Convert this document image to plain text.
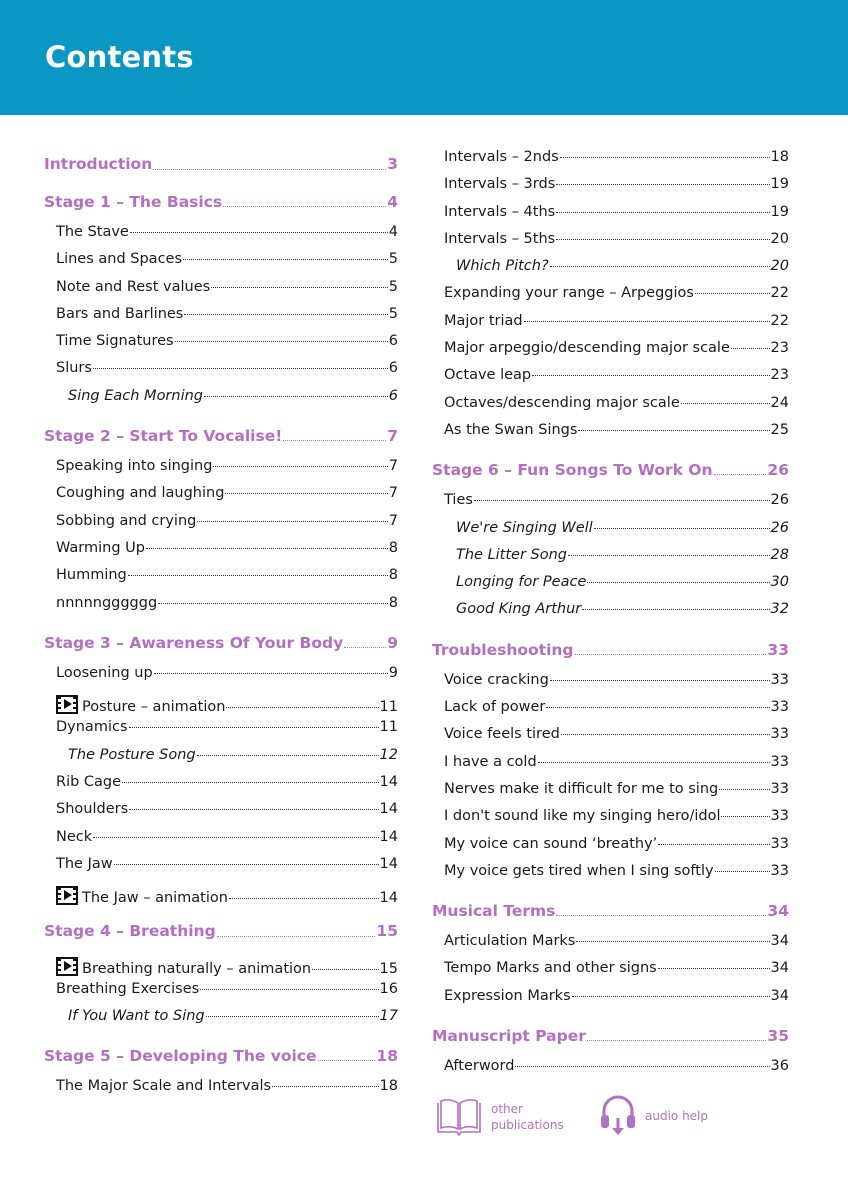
Contents
Introduction	3
Stage 1 – The Basics	4
The Stave	4
Lines and Spaces	5
Note and Rest values	5
Bars and Barlines	5
Time Signatures	6
Slurs	6
Sing Each Morning	6
Stage 2 – Start To Vocalise!	7
Speaking into singing	7
Coughing and laughing	7
Sobbing and crying	7
Warming Up	8
Humming	8
nnnnngggggg	8
Stage 3 – Awareness Of Your Body	9
Loosening up	9
Posture – animation	11
Dynamics	11
The Posture Song	12
Rib Cage	14
Shoulders	14
Neck	14
The Jaw	14
The Jaw – animation	14
Stage 4 – Breathing	15
Breathing naturally – animation	15
Breathing Exercises	16
If You Want to Sing	17
Stage 5 – Developing The voice	18
The Major Scale and Intervals	18
Intervals – 2nds	18
Intervals – 3rds	19
Intervals – 4ths	19
Intervals – 5ths	20
Which Pitch?	20
Expanding your range – Arpeggios	22
Major triad	22
Major arpeggio/descending major scale	23
Octave leap	23
Octaves/descending major scale	24
As the Swan Sings	25
Stage 6 – Fun Songs To Work On	26
Ties	26
We're Singing Well	26
The Litter Song	28
Longing for Peace	30
Good King Arthur	32
Troubleshooting	33
Voice cracking	33
Lack of power	33
Voice feels tired	33
I have a cold	33
Nerves make it difficult for me to sing	33
I don't sound like my singing hero/idol	33
My voice can sound ‘breathy’	33
My voice gets tired when I sing softly	33
Musical Terms	34
Articulation Marks	34
Tempo Marks and other signs	34
Expression Marks	34
Manuscript Paper	35
Afterword	36
other publications
audio help
